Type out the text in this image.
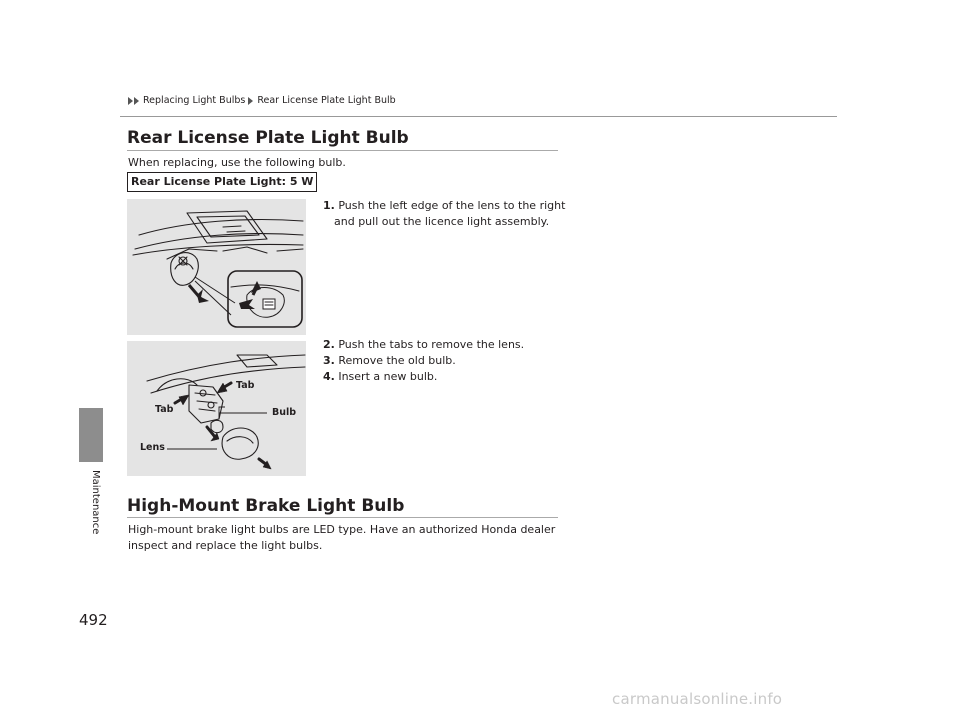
Replacing Light Bulbs Rear License Plate Light Bulb
Maintenance
Rear License Plate Light Bulb
When replacing, use the following bulb.
Rear License Plate Light: 5 W
1. Push the left edge of the lens to the right and pull out the licence light assembly.
2. Push the tabs to remove the lens.
3. Remove the old bulb.
4. Insert a new bulb.
Tab
Tab	Bulb
Lens
High-Mount Brake Light Bulb
High-mount brake light bulbs are LED type. Have an authorized Honda dealer inspect and replace the light bulbs.
492
carmanualsonline.info
